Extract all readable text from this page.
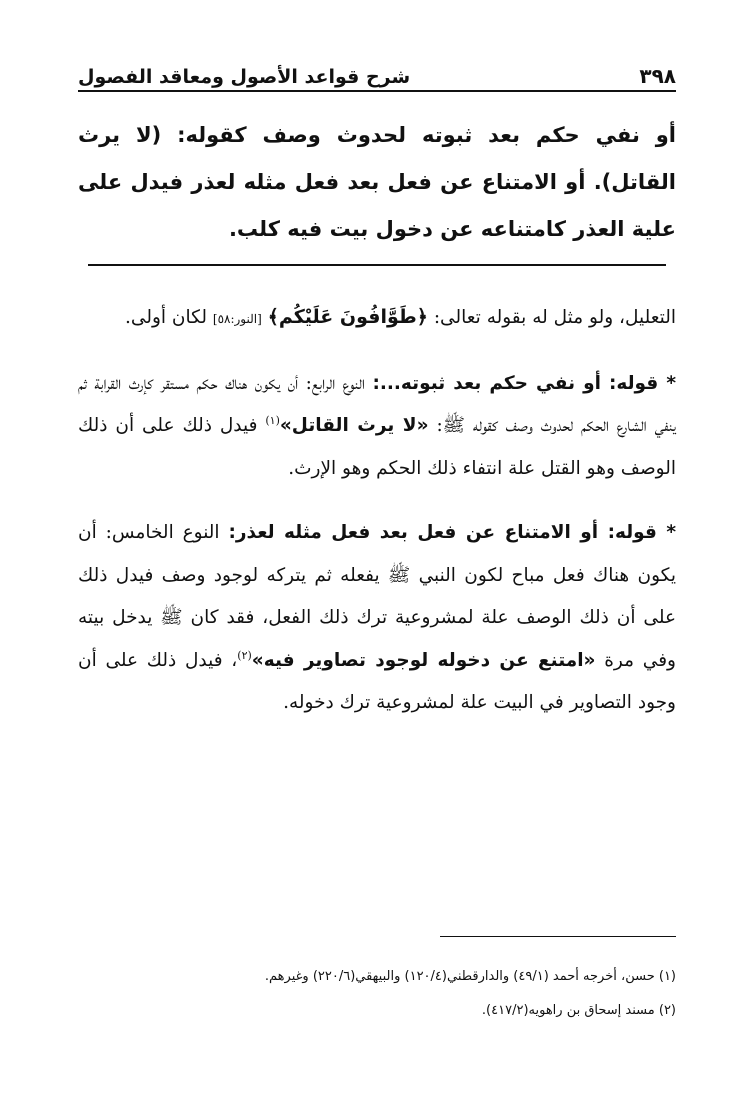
٣٩٨
شرح قواعد الأصول ومعاقد الفصول
أو نفي حكم بعد ثبوته لحدوث وصف كقوله: (لا يرث القاتل). أو الامتناع عن فعل بعد فعل مثله لعذر فيدل على علية العذر كامتناعه عن دخول بيت فيه كلب.

التعليل، ولو مثل له بقوله تعالى: ﴿طَوَّافُونَ عَلَيْكُم﴾ [النور:٥٨] لكان أولى.

* قوله: أو نفي حكم بعد ثبوته...: النوع الرابع: أن يكون هناك حكم مستقر كإرث القرابة ثم ينفي الشارع الحكم لحدوث وصف كقوله ﷺ: «لا يرث القاتل»$^{(١)}$ فيدل ذلك على أن ذلك الوصف وهو القتل علة انتفاء ذلك الحكم وهو الإرث.

* قوله: أو الامتناع عن فعل بعد فعل مثله لعذر: النوع الخامس: أن يكون هناك فعل مباح لكون النبي ﷺ يفعله ثم يتركه لوجود وصف فيدل ذلك على أن ذلك الوصف علة لمشروعية ترك ذلك الفعل، فقد كان ﷺ يدخل بيته وفي مرة «امتنع عن دخوله لوجود تصاوير فيه»$^{(٢)}$، فيدل ذلك على أن وجود التصاوير في البيت علة لمشروعية ترك دخوله.

(١) حسن، أخرجه أحمد (٤٩/١) والدارقطني(١٢٠/٤) والبيهقي(٢٢٠/٦) وغيرهم.
(٢) مسند إسحاق بن راهويه(٤١٧/٢).
